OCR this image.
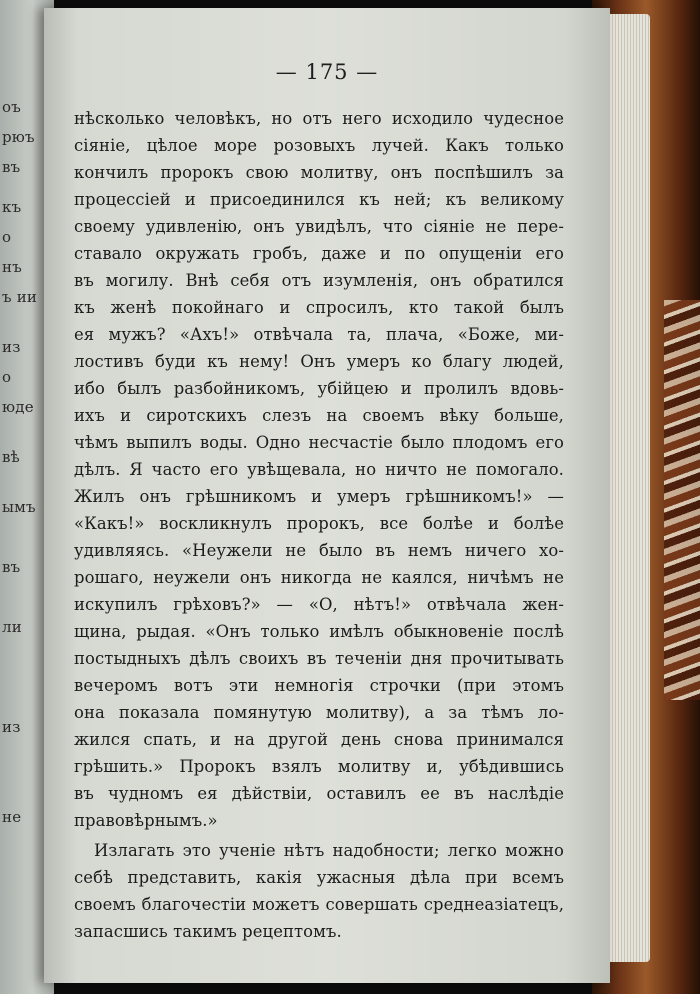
оъ
рюъ
въ
къ
о
нъ
ъ ии
из
о
юде
вѣ
ымъ
въ
ли
из
не
— 175 —
нѣсколько человѣкъ, но отъ него исходило чудесное
сіяніе, цѣлое море розовыхъ лучей. Какъ только
кончилъ пророкъ свою молитву, онъ поспѣшилъ за
процессіей и присоединился къ ней; къ великому
своему удивленію, онъ увидѣлъ, что сіяніе не пере-
ставало окружать гробъ, даже и по опущеніи его
въ могилу. Внѣ себя отъ изумленія, онъ обратился
къ женѣ покойнаго и спросилъ, кто такой былъ
ея мужъ? «Ахъ!» отвѣчала та, плача, «Боже, ми-
лостивъ буди къ нему! Онъ умеръ ко благу людей,
ибо былъ разбойникомъ, убійцею и пролилъ вдовь-
ихъ и сиротскихъ слезъ на своемъ вѣку больше,
чѣмъ выпилъ воды. Одно несчастіе было плодомъ его
дѣлъ. Я часто его увѣщевала, но ничто не помогало.
Жилъ онъ грѣшникомъ и умеръ грѣшникомъ!» —
«Какъ!» воскликнулъ пророкъ, все болѣе и болѣе
удивляясь. «Неужели не было въ немъ ничего хо-
рошаго, неужели онъ никогда не каялся, ничѣмъ не
искупилъ грѣховъ?» — «О, нѣтъ!» отвѣчала жен-
щина, рыдая. «Онъ только имѣлъ обыкновеніе послѣ
постыдныхъ дѣлъ своихъ въ теченіи дня прочитывать
вечеромъ вотъ эти немногія строчки (при этомъ
она показала помянутую молитву), а за тѣмъ ло-
жился спать, и на другой день снова принимался
грѣшить.» Пророкъ взялъ молитву и, убѣдившись
въ чудномъ ея дѣйствіи, оставилъ ее въ наслѣдіе
правовѣрнымъ.»
Излагать это ученіе нѣтъ надобности; легко можно
себѣ представить, какія ужасныя дѣла при всемъ
своемъ благочестіи можетъ совершать среднеазіатецъ,
запасшись такимъ рецептомъ.
